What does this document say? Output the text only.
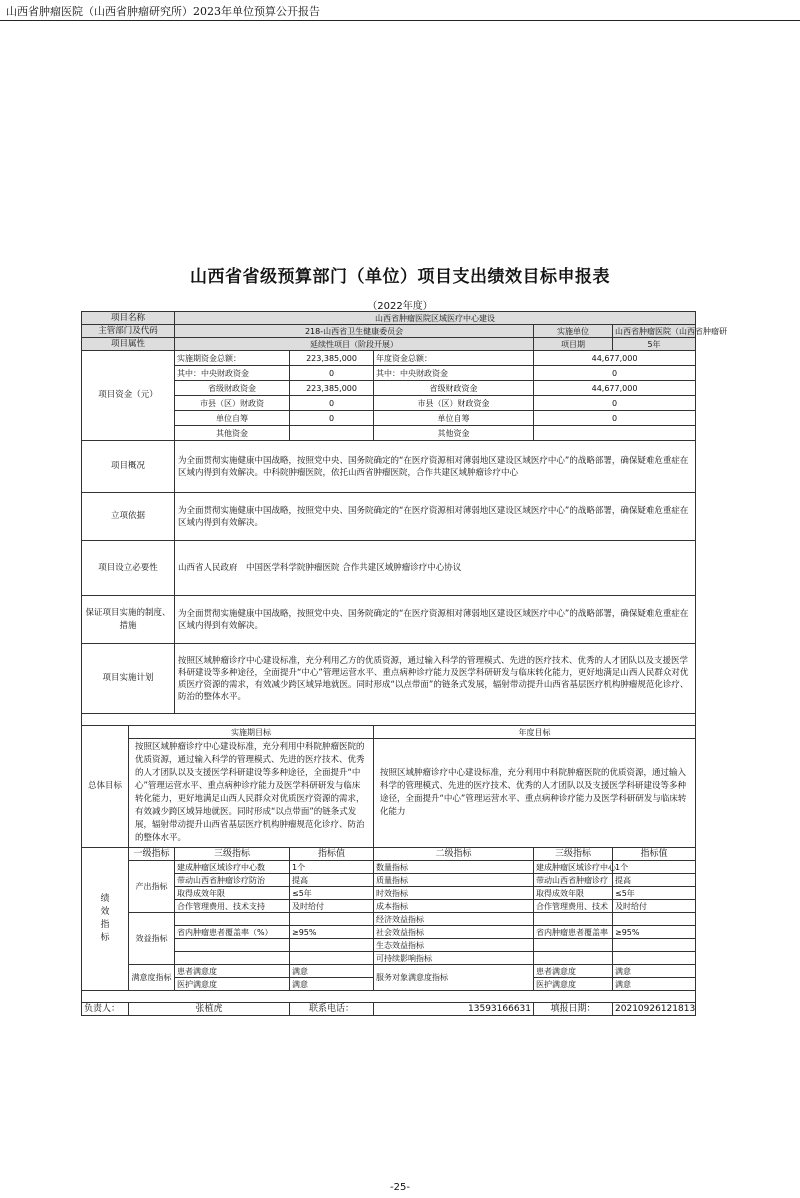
山西省肿瘤医院（山西省肿瘤研究所）2023年单位预算公开报告
山西省省级预算部门（单位）项目支出绩效目标申报表
（2022年度）
项目名称		山西省肿瘤医院区域医疗中心建设				
主管部门及代码		218-山西省卫生健康委员会			实施单位	山西省肿瘤医院（山西省肿瘤研
项目属性		延续性项目（阶段开展）			项目期	5年
项目资金（元）		实施期资金总额：	223,385,000	年度资金总额：	44,677,000	
		其中：中央财政资金	0	其中：中央财政资金	0	
		省级财政资金	223,385,000	省级财政资金	44,677,000	
		市县（区）财政资	0	市县（区）财政资金	0	
		单位自筹	0	单位自筹	0	
		其他资金		其他资金		
项目概况		为全面贯彻实施健康中国战略，按照党中央、国务院确定的“在医疗资源相对薄弱地区建设区域医疗中心”的战略部署，确保疑难危重症在区域内得到有效解决。中科院肿瘤医院，依托山西省肿瘤医院，合作共建区域肿瘤诊疗中心				
立项依据		为全面贯彻实施健康中国战略，按照党中央、国务院确定的“在医疗资源相对薄弱地区建设区域医疗中心”的战略部署，确保疑难危重症在区域内得到有效解决。				
项目设立必要性		山西省人民政府　中国医学科学院肿瘤医院 合作共建区域肿瘤诊疗中心协议				
保证项目实施的制度、措施		为全面贯彻实施健康中国战略，按照党中央、国务院确定的“在医疗资源相对薄弱地区建设区域医疗中心”的战略部署，确保疑难危重症在区域内得到有效解决。				
项目实施计划		按照区域肿瘤诊疗中心建设标准，充分利用乙方的优质资源，通过输入科学的管理模式、先进的医疗技术、优秀的人才团队以及支援医学科研建设等多种途径，全面提升“中心”管理运营水平、重点病种诊疗能力及医学科研研发与临床转化能力，更好地满足山西人民群众对优质医疗资源的需求，有效减少跨区域异地就医。同时形成“以点带面”的链条式发展，辐射带动提升山西省基层医疗机构肿瘤规范化诊疗、防治的整体水平。				

总体目标	实施期目标			年度目标		
	按照区域肿瘤诊疗中心建设标准，充分利用中科院肿瘤医院的优质资源，通过输入科学的管理模式、先进的医疗技术、优秀的人才团队以及支援医学科研建设等多种途径，全面提升“中心”管理运营水平、重点病种诊疗能力及医学科研研发与临床转化能力，更好地满足山西人民群众对优质医疗资源的需求，有效减少跨区域异地就医。同时形成“以点带面”的链条式发展，辐射带动提升山西省基层医疗机构肿瘤规范化诊疗、防治的整体水平。			按照区域肿瘤诊疗中心建设标准，充分利用中科院肿瘤医院的优质资源，通过输入科学的管理模式、先进的医疗技术、优秀的人才团队以及支援医学科研建设等多种途径，全面提升“中心”管理运营水平、重点病种诊疗能力及医学科研研发与临床转化能力		
绩效指标	一级指标	三级指标	指标值	二级指标	三级指标	指标值
	产出指标	建成肿瘤区域诊疗中心数	1个	数量指标	建成肿瘤区域诊疗中心	1个
		带动山西省肿瘤诊疗防治	提高	质量指标	带动山西省肿瘤诊疗	提高
		取得成效年限	≤5年	时效指标	取得成效年限	≤5年
		合作管理费用、技术支持	及时给付	成本指标	合作管理费用、技术	及时给付
	效益指标			经济效益指标		
		省内肿瘤患者覆盖率（%）	≥95%	社会效益指标	省内肿瘤患者覆盖率	≥95%
				生态效益指标		
				可持续影响指标		
	满意度指标	患者满意度	满意	服务对象满意度指标	患者满意度	满意
		医护满意度	满意		医护满意度	满意

负责人：	张植虎		联系电话：	13593166631	填报日期：	20210926121813
-25-
